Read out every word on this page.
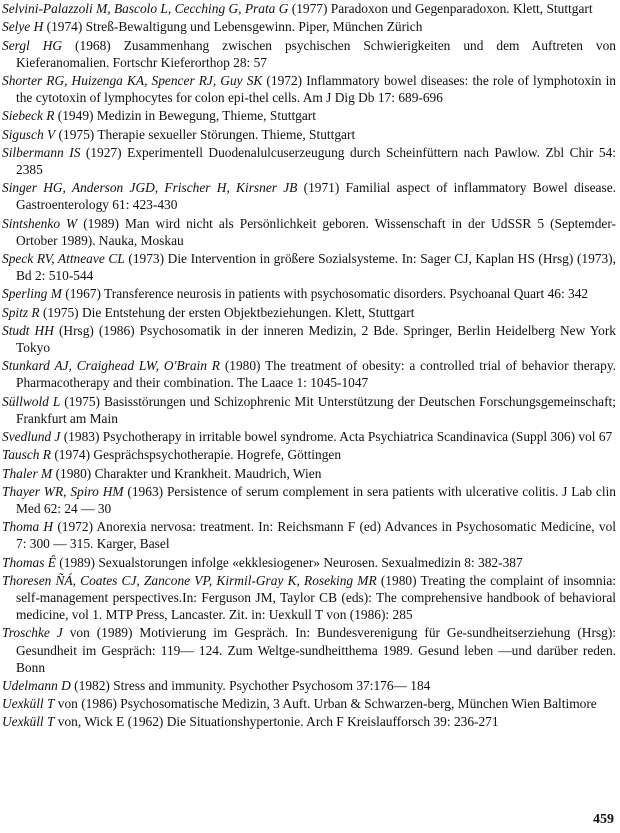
Selvini-Palazzoli M, Bascolo L, Cecching G, Prata G (1977) Paradoxon und Gegenparadoxon. Klett, Stuttgart
Selye H (1974) Streß-Bewaltigung und Lebensgewinn. Piper, München Zürich
Sergl HG (1968) Zusammenhang zwischen psychischen Schwierigkeiten und dem Auftreten von Kieferanomalien. Fortschr Kieferorthop 28: 57
Shorter RG, Huizenga KA, Spencer RJ, Guy SK (1972) Inflammatory bowel diseases: the role of lymphotoxin in the cytotoxin of lymphocytes for colon epi-thel cells. Am J Dig Db 17: 689-696
Siebeck R (1949) Medizin in Bewegung, Thieme, Stuttgart
Sigusch V (1975) Therapie sexueller Störungen. Thieme, Stuttgart
Silbermann IS (1927) Experimentell Duodenalulcuserzeugung durch Scheinfüttern nach Pawlow. Zbl Chir 54: 2385
Singer HG, Anderson JGD, Frischer H, Kirsner JB (1971) Familial aspect of inflammatory Bowel disease. Gastroenterology 61: 423-430
Sintshenko W (1989) Man wird nicht als Persönlichkeit geboren. Wissenschaft in der UdSSR 5 (Septemder- Ortober 1989). Nauka, Moskau
Speck RV, Attneave CL (1973) Die Intervention in größere Sozialsysteme. In: Sager CJ, Kaplan HS (Hrsg) (1973), Bd 2: 510-544
Sperling M (1967) Transference neurosis in patients with psychosomatic disorders. Psychoanal Quart 46: 342
Spitz R (1975) Die Entstehung der ersten Objektbeziehungen. Klett, Stuttgart
Studt HH (Hrsg) (1986) Psychosomatik in der inneren Medizin, 2 Bde. Springer, Berlin Heidelberg New York Tokyo
Stunkard AJ, Craighead LW, O'Brain R (1980) The treatment of obesity: a controlled trial of behavior therapy. Pharmacotherapy and their combination. The Laace 1: 1045-1047
Süllwold L (1975) Basisstörungen und Schizophrenic Mit Unterstützung der Deutschen Forschungsgemeinschaft; Frankfurt am Main
Svedlund J (1983) Psychotherapy in irritable bowel syndrome. Acta Psychiatrica Scandinavica (Suppl 306) vol 67
Tausch R (1974) Gesprächspsychotherapie. Hogrefe, Göttingen
Thaler M (1980) Charakter und Krankheit. Maudrich, Wien
Thayer WR, Spiro HM (1963) Persistence of serum complement in sera patients with ulcerative colitis. J Lab clin Med 62: 24 — 30
Thoma H (1972) Anorexia nervosa: treatment. In: Reichsmann F (ed) Advances in Psychosomatic Medicine, vol 7: 300 — 315. Karger, Basel
Thomas Ê (1989) Sexualstorungen infolge «ekklesiogener» Neurosen. Sexualmedizin 8: 382-387
Thoresen ÑÁ, Coates CJ, Zancone VP, Kirmil-Gray K, Roseking MR (1980) Treating the complaint of insomnia: self-management perspectives.In: Ferguson JM, Taylor CB (eds): The comprehensive handbook of behavioral medicine, vol 1. MTP Press, Lancaster. Zit. in: Uexkull T von (1986): 285
Troschke J von (1989) Motivierung im Gespräch. In: Bundesverenigung für Ge-sundheitserziehung (Hrsg): Gesundheit im Gespräch: 119— 124. Zum Weltge-sundheitthema 1989. Gesund leben —und darüber reden. Bonn
Udelmann D (1982) Stress and immunity. Psychother Psychosom 37:176— 184
Uexküll T von (1986) Psychosomatische Medizin, 3 Auft. Urban & Schwarzen-berg, München Wien Baltimore
Uexküll T von, Wick E (1962) Die Situationshypertonie. Arch F Kreislaufforsch 39: 236-271
459
